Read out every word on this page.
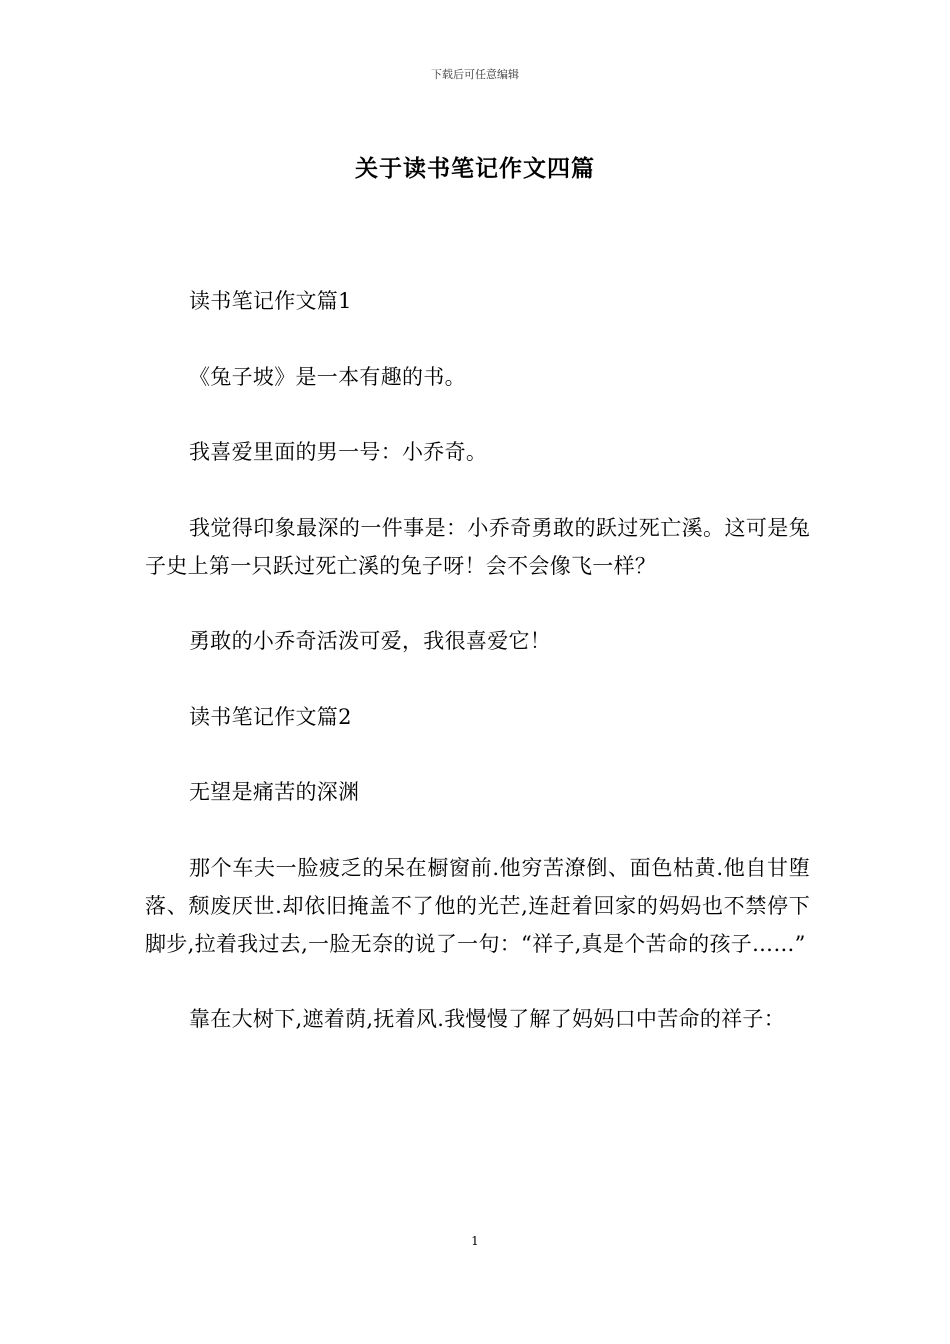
下载后可任意编辑
关于读书笔记作文四篇

读书笔记作文篇1

《兔子坡》是一本有趣的书。

我喜爱里面的男一号：小乔奇。

我觉得印象最深的一件事是：小乔奇勇敢的跃过死亡溪。这可是兔子史上第一只跃过死亡溪的兔子呀！会不会像飞一样？

勇敢的小乔奇活泼可爱，我很喜爱它！

读书笔记作文篇2

无望是痛苦的深渊

那个车夫一脸疲乏的呆在橱窗前.他穷苦潦倒、面色枯黄.他自甘堕落、颓废厌世.却依旧掩盖不了他的光芒,连赶着回家的妈妈也不禁停下脚步,拉着我过去,一脸无奈的说了一句：“祥子,真是个苦命的孩子……”

靠在大树下,遮着荫,抚着风.我慢慢了解了妈妈口中苦命的祥子：

1
